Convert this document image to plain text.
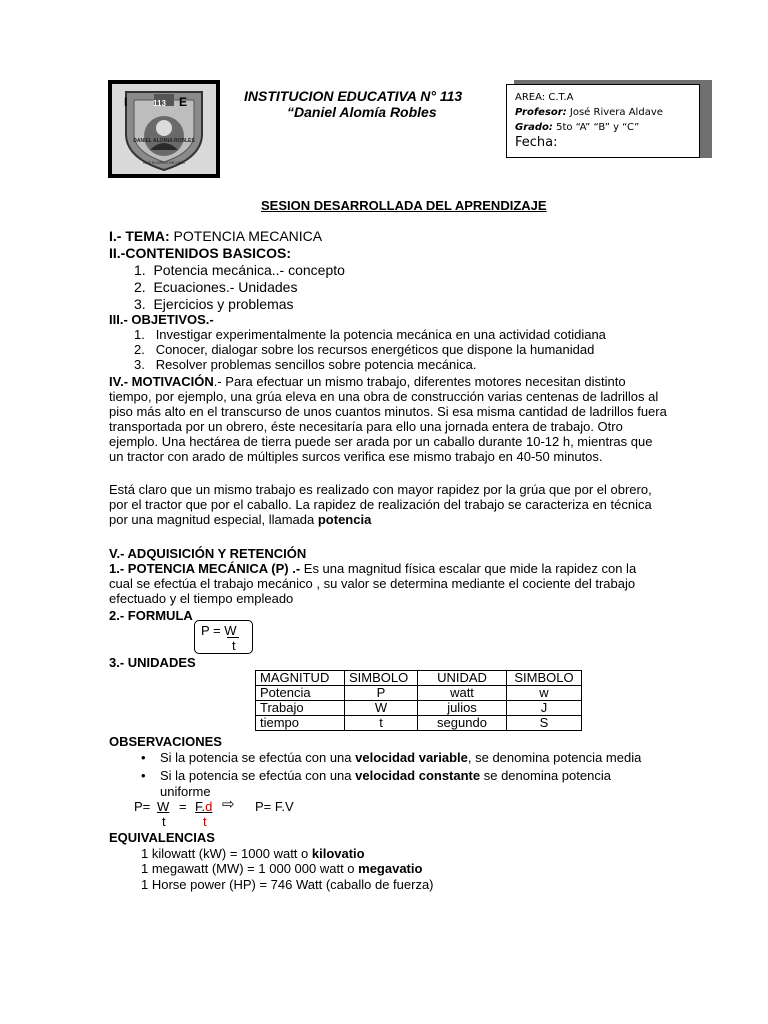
I	E
113
DANIEL ALOMIA ROBLES
LAS FLORES DE LIMA
INSTITUCION EDUCATIVA N° 113
“Daniel Alomía Robles
AREA: C.T.A
Profesor: José Rivera Aldave
Grado: 5to “A” “B” y “C”
Fecha:
SESION DESARROLLADA DEL APRENDIZAJE
I.- TEMA: POTENCIA MECANICA
II.-CONTENIDOS BASICOS:
1.  Potencia mecánica..- concepto
2.  Ecuaciones.- Unidades
3.  Ejercicios y problemas
III.- OBJETIVOS.-
1.   Investigar experimentalmente la potencia mecánica en una actividad cotidiana
2.   Conocer, dialogar sobre los recursos energéticos que dispone la humanidad
3.   Resolver problemas sencillos sobre potencia mecánica.
IV.- MOTIVACIÓN.- Para efectuar un mismo trabajo, diferentes motores necesitan distinto
tiempo, por ejemplo, una grúa eleva en una obra de construcción varias centenas de ladrillos al
piso más alto en el transcurso de unos cuantos minutos. Si esa misma cantidad de ladrillos fuera
transportada por un obrero, éste necesitaría para ello una jornada entera de trabajo. Otro
ejemplo. Una hectárea de tierra puede ser arada por un caballo durante 10-12 h, mientras que
un tractor con arado de múltiples surcos verifica ese mismo trabajo en 40-50 minutos.
Está claro que un mismo trabajo es realizado con mayor rapidez por la grúa que por el obrero,
por el tractor que por el caballo. La rapidez de realización del trabajo se caracteriza en técnica
por una magnitud especial, llamada potencia
V.- ADQUISICIÓN Y RETENCIÓN
1.- POTENCIA MECÁNICA (P) .- Es una magnitud física escalar que mide la rapidez con la
cual se efectúa el trabajo mecánico , su valor se determina mediante el cociente del trabajo
efectuado y el tiempo empleado
2.- FORMULA
P = W
t
3.- UNIDADES
MAGNITUD	SIMBOLO	UNIDAD	SIMBOLO
Potencia	P	watt	w
Trabajo	W	julios	J
tiempo	t	segundo	S
OBSERVACIONES
• Si la potencia se efectúa con una velocidad variable, se denomina potencia media
• Si la potencia se efectúa con una velocidad constante se denomina potencia
uniforme
P= W = F.d ⇨ P= F.V
t	t
EQUIVALENCIAS
1 kilowatt (kW) = 1000 watt o kilovatio
1 megawatt (MW) = 1 000 000 watt o megavatio
1 Horse power (HP) = 746 Watt (caballo de fuerza)
